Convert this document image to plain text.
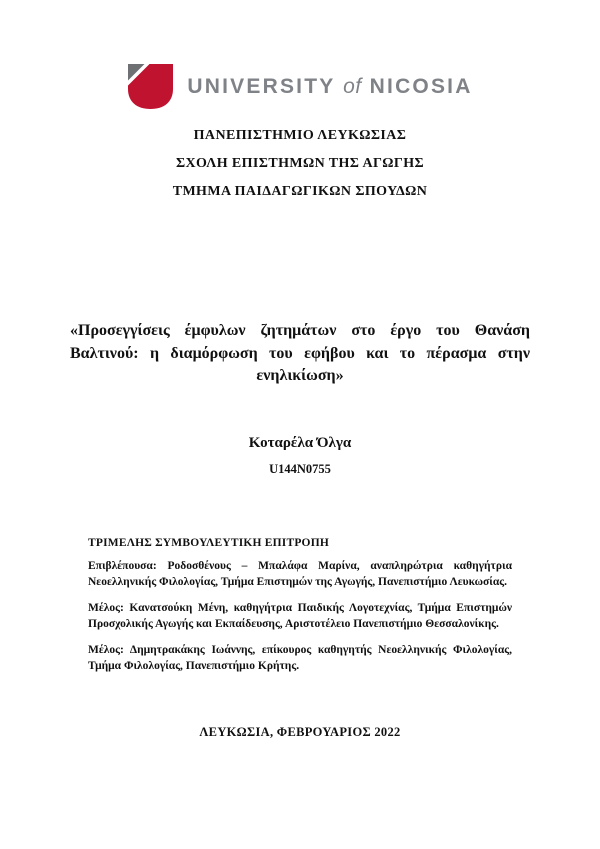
UNIVERSITY of NICOSIA
ΠΑΝΕΠΙΣΤΗΜΙΟ ΛΕΥΚΩΣΙΑΣ
ΣΧΟΛΗ ΕΠΙΣΤΗΜΩΝ ΤΗΣ ΑΓΩΓΗΣ
ΤΜΗΜΑ ΠΑΙΔΑΓΩΓΙΚΩΝ ΣΠΟΥΔΩΝ
«Προσεγγίσεις έμφυλων ζητημάτων στο έργο του Θανάση Βαλτινού: η διαμόρφωση του εφήβου και το πέρασμα στην ενηλικίωση»
Κοταρέλα Όλγα
U144N0755
ΤΡΙΜΕΛΗΣ ΣΥΜΒΟΥΛΕΥΤΙΚΗ ΕΠΙΤΡΟΠΗ

Επιβλέπουσα: Ροδοσθένους – Μπαλάφα Μαρίνα, αναπληρώτρια καθηγήτρια Νεοελληνικής Φιλολογίας, Τμήμα Επιστημών της Αγωγής, Πανεπιστήμιο Λευκωσίας.

Μέλος: Κανατσούκη Μένη, καθηγήτρια Παιδικής Λογοτεχνίας, Τμήμα Επιστημών Προσχολικής Αγωγής και Εκπαίδευσης, Αριστοτέλειο Πανεπιστήμιο Θεσσαλονίκης.

Μέλος: Δημητρακάκης Ιωάννης, επίκουρος καθηγητής Νεοελληνικής Φιλολογίας, Τμήμα Φιλολογίας, Πανεπιστήμιο Κρήτης.

ΛΕΥΚΩΣΙΑ, ΦΕΒΡΟΥΑΡΙΟΣ 2022
